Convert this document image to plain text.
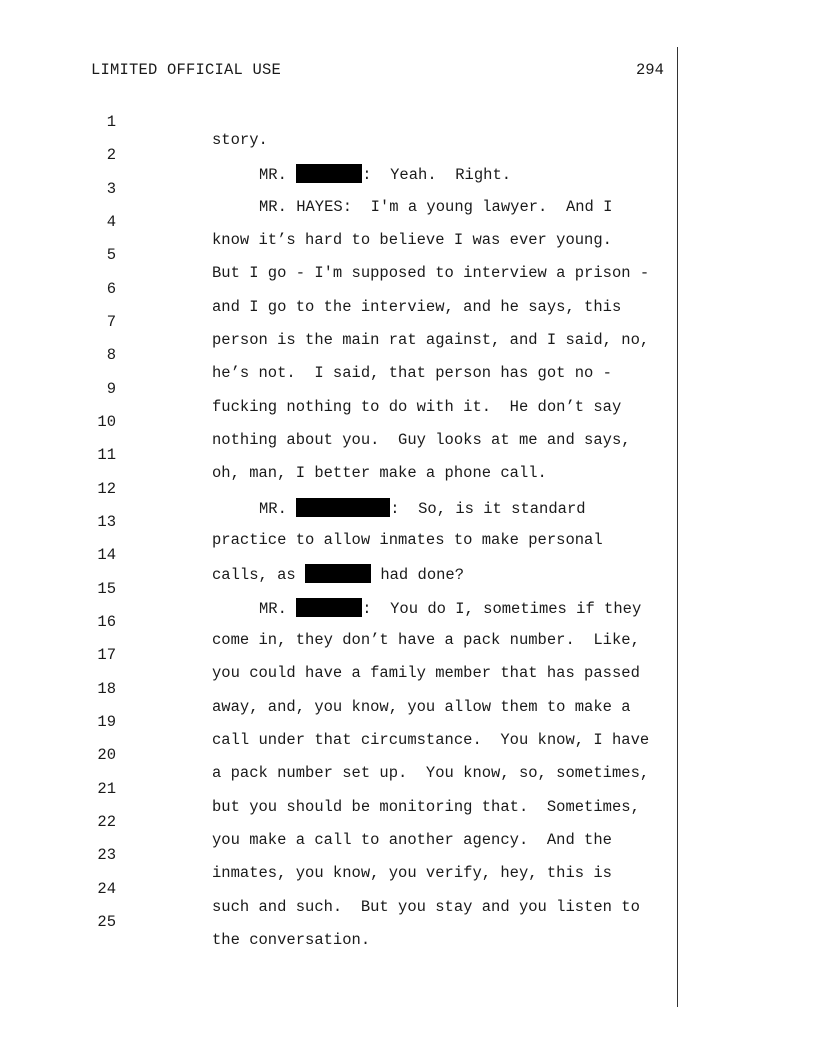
LIMITED OFFICIAL USE	294

1

story.

2

MR.	:  Yeah.  Right.

3

MR. HAYES:  I'm a young lawyer.  And I

4

know it’s hard to believe I was ever young.

5

But I go - I'm supposed to interview a prison -

6

and I go to the interview, and he says, this

7

person is the main rat against, and I said, no,

8

he’s not.  I said, that person has got no -

9

fucking nothing to do with it.  He don’t say

10

nothing about you.  Guy looks at me and says,

11

oh, man, I better make a phone call.

12

MR.	:  So, is it standard

13

practice to allow inmates to make personal

14

calls, as	had done?

15

MR.	:  You do I, sometimes if they

16

come in, they don’t have a pack number.  Like,

17

you could have a family member that has passed

18

away, and, you know, you allow them to make a

19

call under that circumstance.  You know, I have

20

a pack number set up.  You know, so, sometimes,

21

but you should be monitoring that.  Sometimes,

22

you make a call to another agency.  And the

23

inmates, you know, you verify, hey, this is

24

such and such.  But you stay and you listen to

25

the conversation.
